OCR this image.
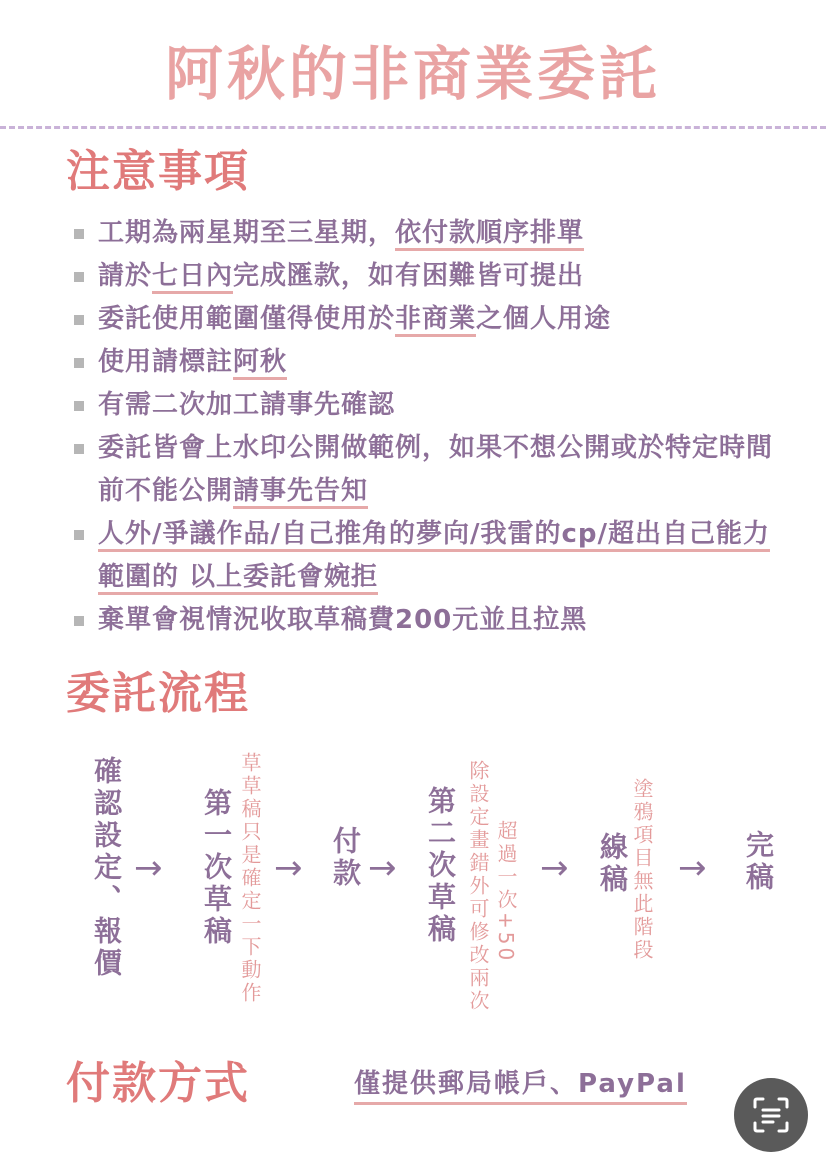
阿秋的非商業委託
注意事項
工期為兩星期至三星期，依付款順序排單
請於七日內完成匯款，如有困難皆可提出
委託使用範圍僅得使用於非商業之個人用途
使用請標註阿秋
有需二次加工請事先確認
委託皆會上水印公開做範例，如果不想公開或於特定時間前不能公開請事先告知
人外/爭議作品/自己推角的夢向/我雷的cp/超出自己能力範圍的 以上委託會婉拒
棄單會視情況收取草稿費200元並且拉黑
委託流程
確認設定、報價 → 第一次草稿 草草稿只是確定一下動作 → 付款 → 第二次草稿 除設定畫錯外可修改兩次 超過一次+50 → 線稿 塗鴉項目無此階段 → 完稿
付款方式	僅提供郵局帳戶、PayPal
